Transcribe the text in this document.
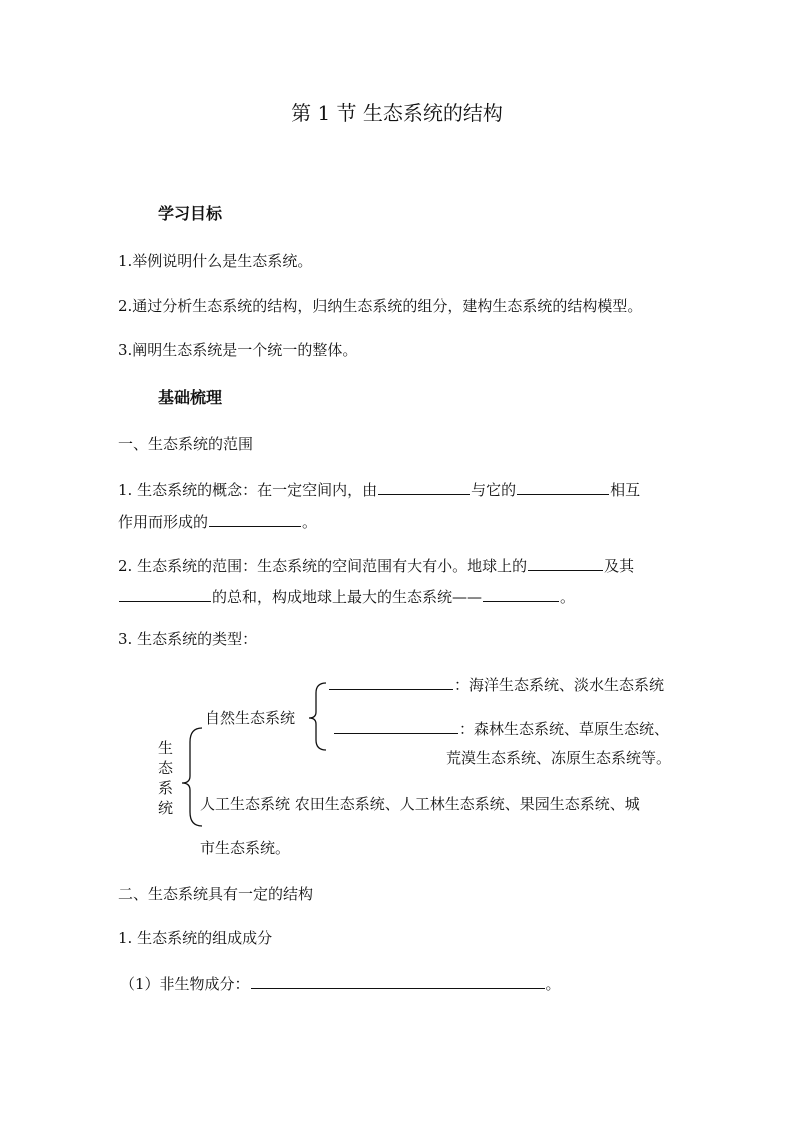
第 1 节 生态系统的结构
学习目标
1.举例说明什么是生态系统。
2.通过分析生态系统的结构，归纳生态系统的组分，建构生态系统的结构模型。
3.阐明生态系统是一个统一的整体。
基础梳理
一、生态系统的范围
1. 生态系统的概念：在一定空间内，由	与它的	相互
作用而形成的	。
2. 生态系统的范围：生态系统的空间范围有大有小。地球上的	及其
的总和，构成地球上最大的生态系统——	。
3. 生态系统的类型：
生
态
系
统
自然生态系统
：海洋生态系统、淡水生态系统
：森林生态系统、草原生态统、
荒漠生态系统、冻原生态系统等。
人工生态系统 农田生态系统、人工林生态系统、果园生态系统、城
市生态系统。
二、生态系统具有一定的结构
1. 生态系统的组成成分
（1）非生物成分：	。
